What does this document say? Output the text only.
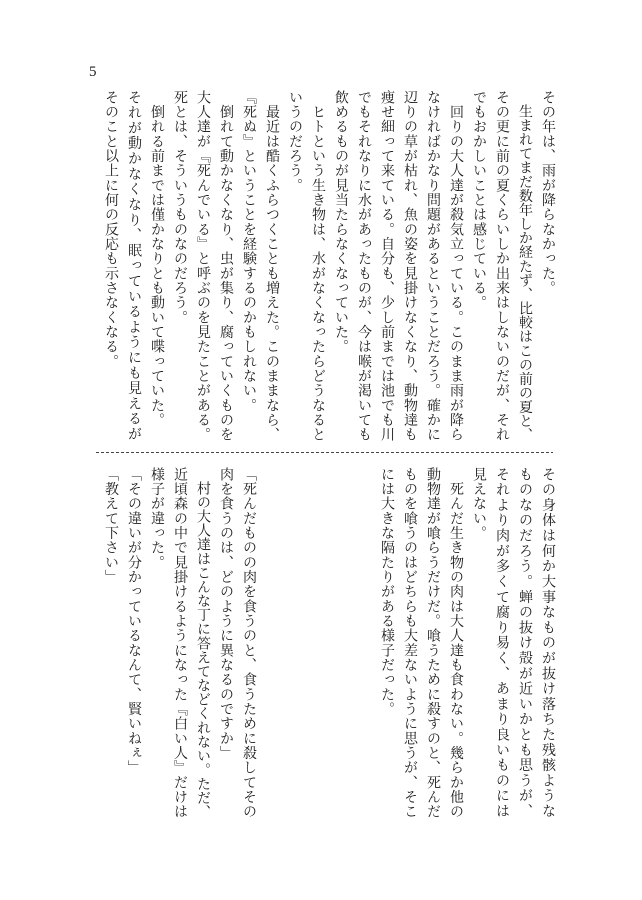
5
その年は、雨が降らなかった。
　生まれてまだ数年しか経たず、比較はこの前の夏と、
その更に前の夏くらいしか出来はしないのだが、それ
でもおかしいことは感じている。
　回りの大人達が殺気立っている。このまま雨が降ら
なければかなり問題があるということだろう。確かに
辺りの草が枯れ、魚の姿を見掛けなくなり、動物達も
痩せ細って来ている。自分も、少し前までは池でも川
でもそれなりに水があったものが、今は喉が渇いても
飲めるものが見当たらなくなっていた。
　ヒトという生き物は、水がなくなったらどうなると
いうのだろう。
　最近は酷くふらつくことも増えた。このままなら、
『死ぬ』ということを経験するのかもしれない。
　倒れて動かなくなり、虫が集り、腐っていくものを
大人達が『死んでいる』と呼ぶのを見たことがある。
死とは、そういうものなのだろう。
　倒れる前までは僅かなりとも動いて喋っていた。
それが動かなくなり、眠っているようにも見えるが
そのこと以上に何の反応も示さなくなる。
その身体は何か大事なものが抜け落ちた残骸ような
ものなのだろう。蝉の抜け殻が近いかとも思うが、
それより肉が多くて腐り易く、あまり良いものには
見えない。
　死んだ生き物の肉は大人達も食わない。幾らか他の
動物達が喰らうだけだ。喰うために殺すのと、死んだ
ものを喰うのはどちらも大差ないように思うが、そこ
には大きな隔たりがある様子だった。
「死んだものの肉を食うのと、食うために殺してその
肉を食うのは、どのように異なるのですか」
　村の大人達はこんな丁に答えてなどくれない。ただ、
近頃森の中で見掛けるようになった『白い人』だけは
様子が違った。
「その違いが分かっているなんて、賢いねぇ」
「教えて下さい」
